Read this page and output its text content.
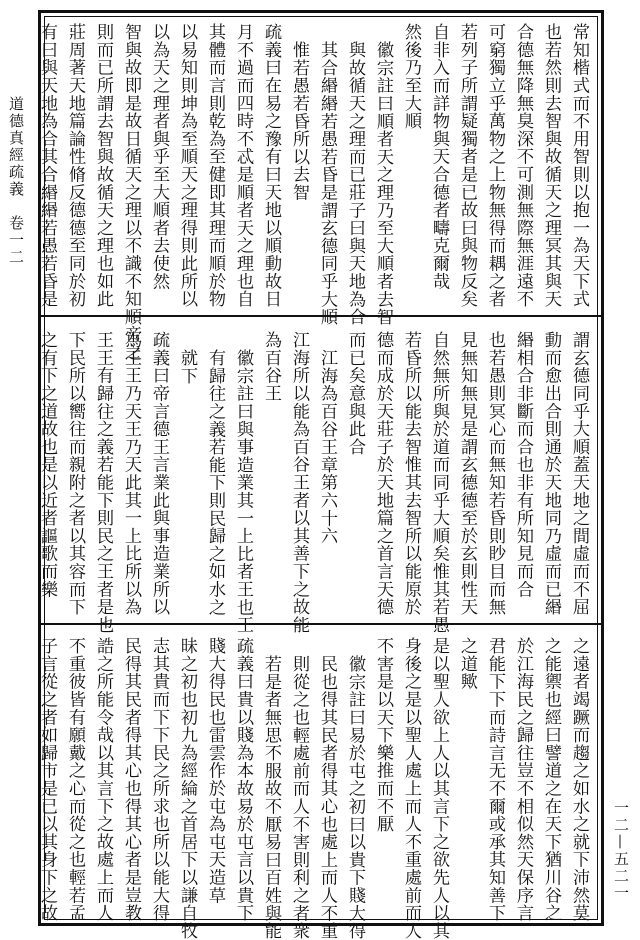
道德真經疏義　卷一二	常知楷式而不用智則以抱一為天下式
也若然則去智與故循天之理冥其與天
合德無降無臭深不可測無際無涯遠不
可窮獨立乎萬物之上物無得而耦之者
若列子所謂疑獨者是已故曰與物反矣
自非入而詳物與天合德者疇克爾哉
然後乃至大順
徽宗註曰順者天之理乃至大順者去智
與故循天之理而已莊子曰與天地為合
其合緡緡若愚若昏是謂玄德同乎大順
惟若愚若昏所以去智
疏義曰在易之豫有曰天地以順動故日
月不過而四時不忒是順者天之理也自
其體而言則乾為至健即其理而順於物
以易知則坤為至順天之理得則此所以
以為天之理者與乎至大順者去使然
智與故即是故日循天之理以不識不知順帝之
則而已所謂去智與故循天之理也如此
莊周著天地篇論性脩反德德至同於初
有曰與天地為合其合緡緡若愚若昏是
謂玄德同乎大順蓋天地之間虛而不屈
動而愈出合則通於天地同乃虛而已緡
緡相合非斷而合也非有所知見而合
也若愚則冥心而無知若昏則眇目而無
見無知無見是謂玄德德至於玄則性天
自然無所與於道而同乎大順矣惟其若愚
若昏所以能去智惟其去智所以能原於
德而成於天莊子於天地篇之首言天德
而已矣意與此合
江海為百谷王章第六十六
江海所以能為百谷王者以其善下之故能
為百谷王
徽宗註曰與事造業其一上比者王也王
有歸往之義若能下則民歸之如水之
就下
疏義曰帝言德王言業此與事造業所以
為王王乃天王乃天此其一上比所以為
王王有歸往之義若能下則民之王者是也
下民所以嚮往而親附之者以其容而下
之有下之道故也是以近者謳歌而樂
之遠者竭蹶而趨之如水之就下沛然莫
之能禦也經曰譬道之在天下猶川谷之
於江海民之歸往豈不相似然天保序言
君能下下而詩言无不爾或承其知善下
之道歟
是以聖人欲上人以其言下之欲先人以其
身後之是以聖人處上而人不重處前而人
不害是以天下樂推而不厭
徽宗註曰易於屯之初曰以貴下賤大得
民也得其民者得其心也處上而人不重
則從之也輕處前而人不害則利之者衆
若是者無思不服故不厭易曰百姓與能
疏義曰貴以賤為本故易於屯言以貴下
賤大得民也雷雲作於屯為屯天造草
昧之初也初九為經綸之首居下以謙自牧
志其貴而下下民之所求也所以能大得
民得其民者得其心也得其心者是豈教
誥之所能令哉以其言下之故處上而人
不重彼皆有願戴之心而從之也輕若孟
子言從之者如歸市是已以其身下之故	一二—五二一
